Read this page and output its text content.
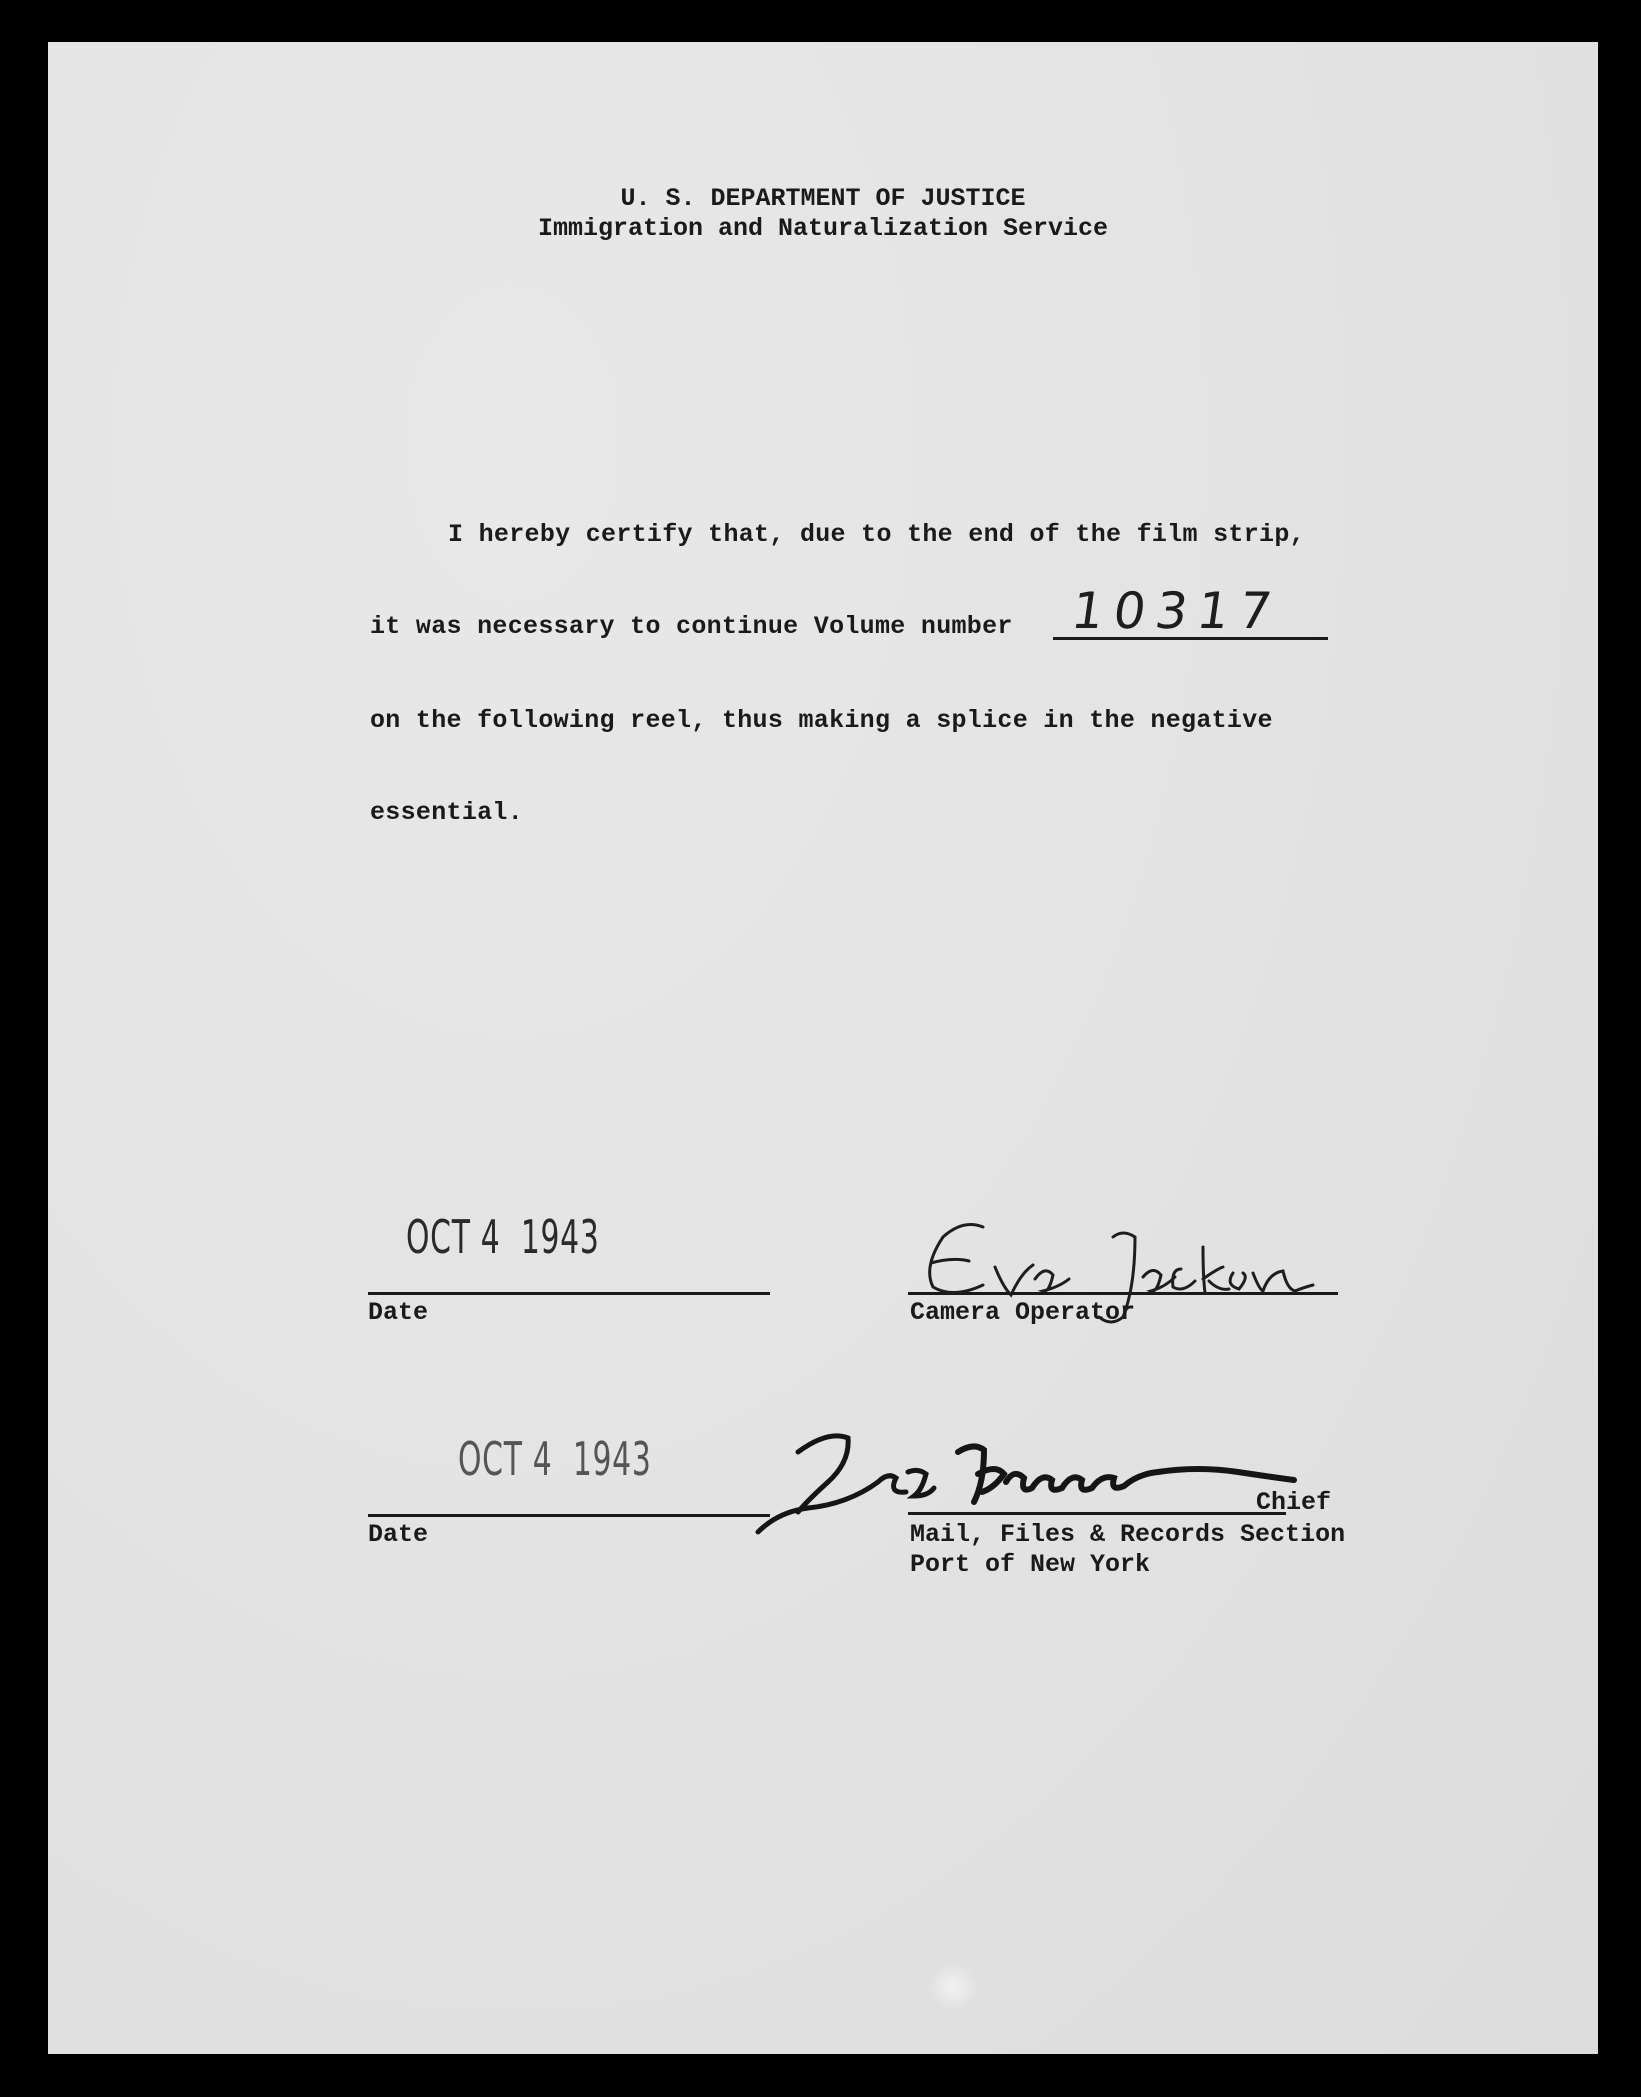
U. S. DEPARTMENT OF JUSTICE
Immigration and Naturalization Service
I hereby certify that, due to the end of the film strip,
it was necessary to continue Volume number 10317
on the following reel, thus making a splice in the negative
essential.
OCT 4  1943
Date	Camera Operator
OCT 4  1943
Date
Chief
Mail, Files & Records Section
Port of New York
